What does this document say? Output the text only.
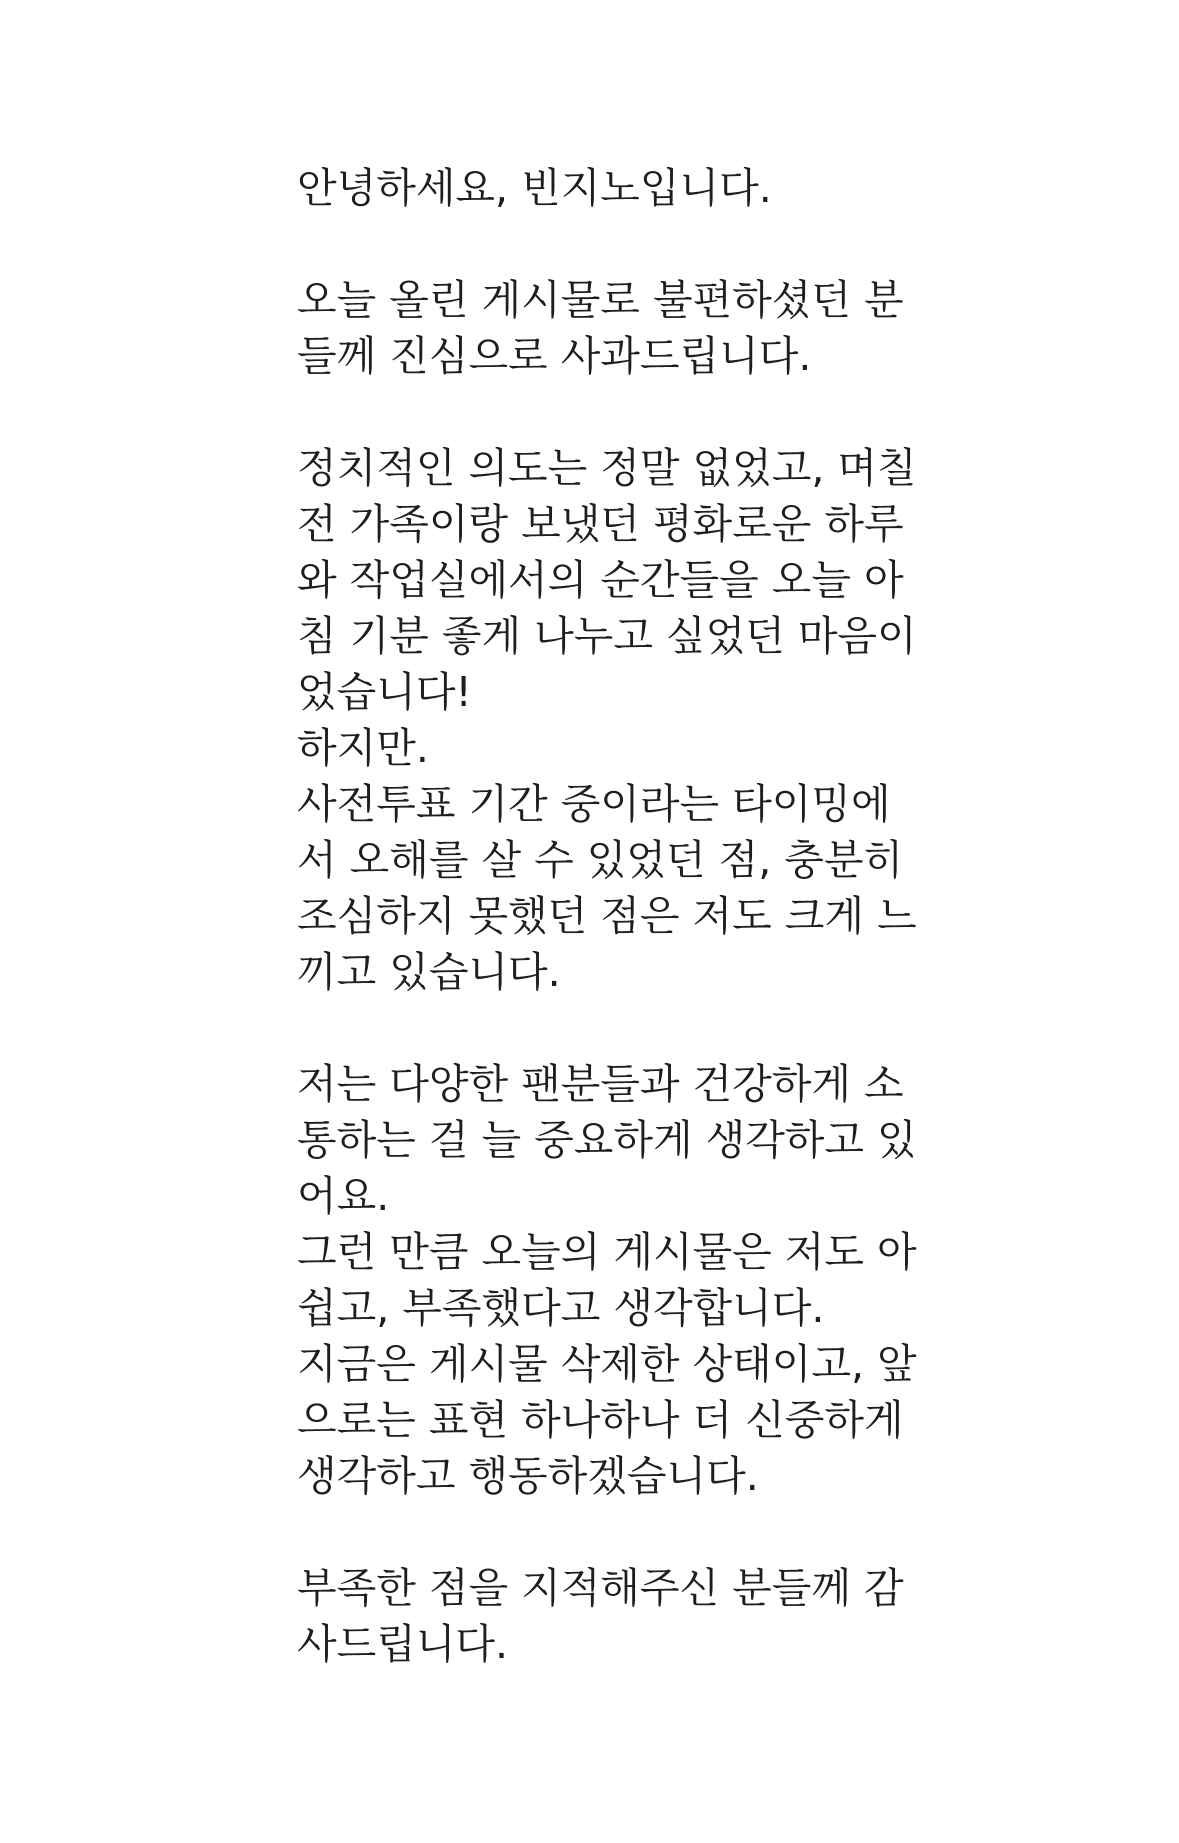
안녕하세요, 빈지노입니다.
오늘 올린 게시물로 불편하셨던 분
들께 진심으로 사과드립니다.
정치적인 의도는 정말 없었고, 며칠
전 가족이랑 보냈던 평화로운 하루
와 작업실에서의 순간들을 오늘 아
침 기분 좋게 나누고 싶었던 마음이
었습니다!
하지만.
사전투표 기간 중이라는 타이밍에
서 오해를 살 수 있었던 점, 충분히
조심하지 못했던 점은 저도 크게 느
끼고 있습니다.
저는 다양한 팬분들과 건강하게 소
통하는 걸 늘 중요하게 생각하고 있
어요.
그런 만큼 오늘의 게시물은 저도 아
쉽고, 부족했다고 생각합니다.
지금은 게시물 삭제한 상태이고, 앞
으로는 표현 하나하나 더 신중하게
생각하고 행동하겠습니다.
부족한 점을 지적해주신 분들께 감
사드립니다.
